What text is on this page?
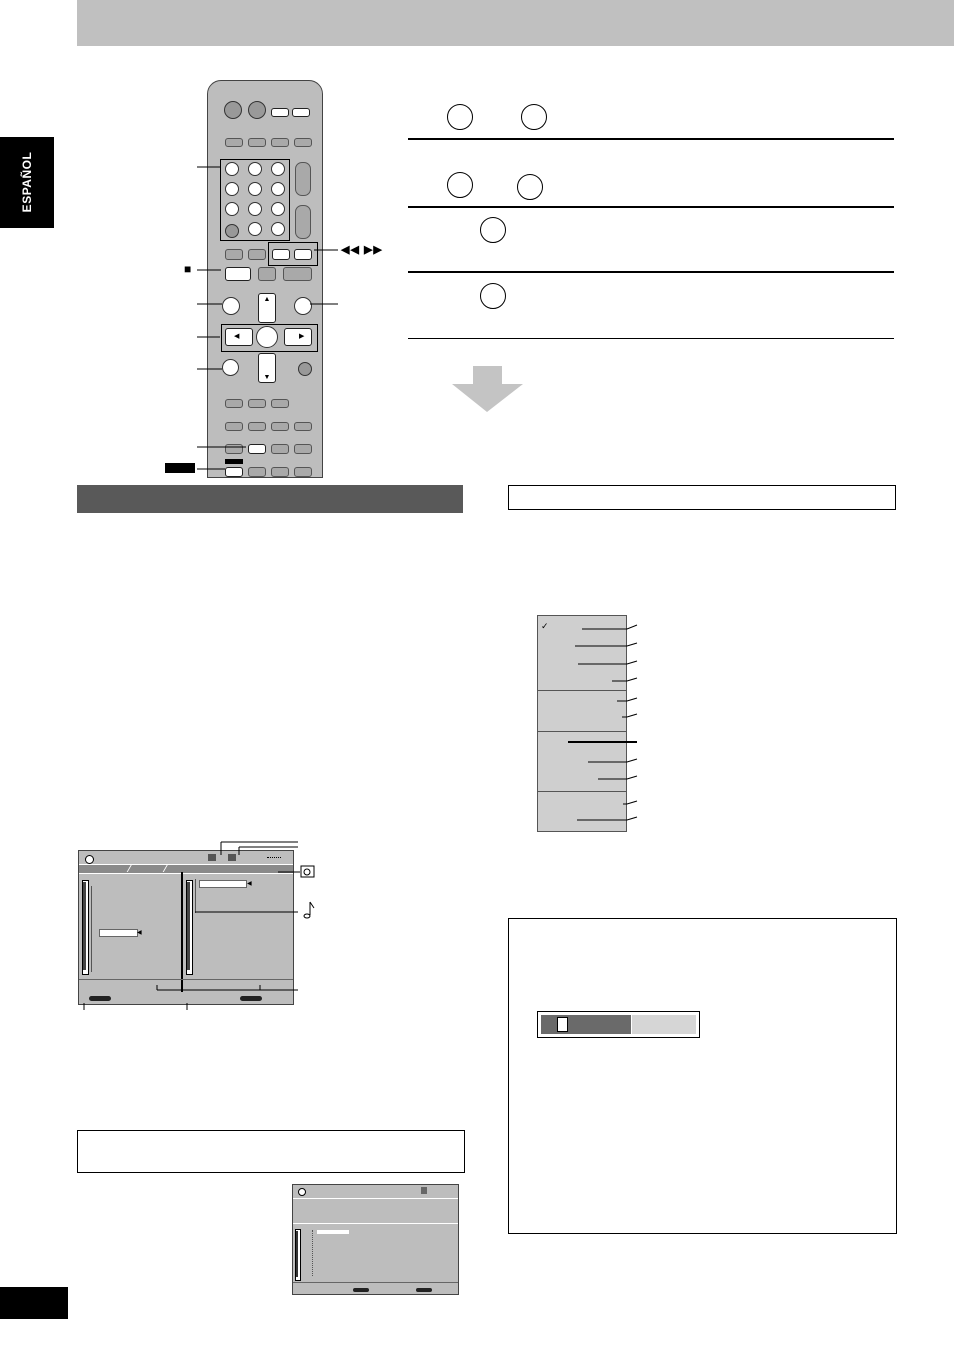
ESPAÑOL
▲
▼
◀	▶
■
◀◀ ▶▶
◀
◀
✓
